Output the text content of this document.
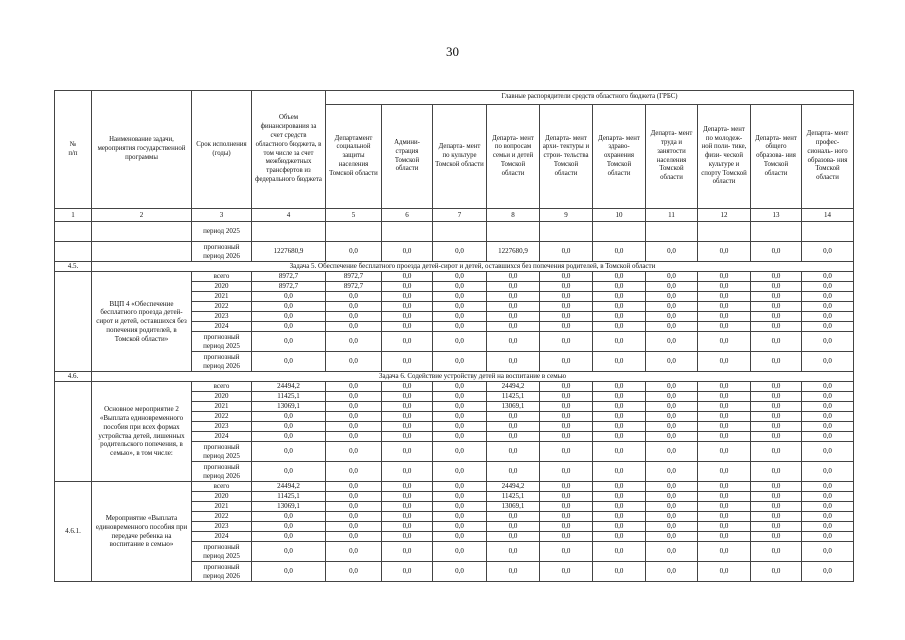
30
№
п/п	Наименование задачи, мероприятия государственной программы	Срок исполнения (годы)	Объем финансирования за счет средств областного бюджета, в том числе за счет межбюджетных трансфертов из федерального бюджета	Главные распорядители средств областного бюджета (ГРБС)									
				Департамент социальной защиты населения Томской области	Админи- страция Томской области	Департа- мент по культуре Томской области	Департа- мент по вопросам семьи и детей Томской области	Департа- мент архи- тектуры и строи- тельства Томской области	Департа- мент здраво- охранения Томской области	Департа- мент труда и занятости населения Томской области	Департа- мент по молодеж- ной поли- тике, физи- ческой культуре и спорту Томской области	Департа- мент общего образова- ния Томской области	Департа- мент профес- сиональ- ного образова- ния Томской области
1	2	3	4	5	6	7	8	9	10	11	12	13	14
		период 2025											
		прогнозный период 2026	1227680,9	0,0	0,0	0,0	1227680,9	0,0	0,0	0,0	0,0	0,0	0,0
4.5.	Задача 5. Обеспечение бесплатного проезда детей-сирот и детей, оставшихся без попечения родителей, в Томской области												
	ВЦП 4 «Обеспечение бесплатного проезда детей-сирот и детей, оставшихся без попечения родителей, в Томской области»	всего	8972,7	8972,7	0,0	0,0	0,0	0,0	0,0	0,0	0,0	0,0	0,0
		2020	8972,7	8972,7	0,0	0,0	0,0	0,0	0,0	0,0	0,0	0,0	0,0
		2021	0,0	0,0	0,0	0,0	0,0	0,0	0,0	0,0	0,0	0,0	0,0
		2022	0,0	0,0	0,0	0,0	0,0	0,0	0,0	0,0	0,0	0,0	0,0
		2023	0,0	0,0	0,0	0,0	0,0	0,0	0,0	0,0	0,0	0,0	0,0
		2024	0,0	0,0	0,0	0,0	0,0	0,0	0,0	0,0	0,0	0,0	0,0
		прогнозный период 2025	0,0	0,0	0,0	0,0	0,0	0,0	0,0	0,0	0,0	0,0	0,0
		прогнозный период 2026	0,0	0,0	0,0	0,0	0,0	0,0	0,0	0,0	0,0	0,0	0,0
4.6.	Задача 6. Содействие устройству детей на воспитание в семью												
	Основное мероприятие 2 «Выплата единовременного пособия при всех формах устройства детей, лишенных родительского попечения, в семью», в том числе:	всего	24494,2	0,0	0,0	0,0	24494,2	0,0	0,0	0,0	0,0	0,0	0,0
		2020	11425,1	0,0	0,0	0,0	11425,1	0,0	0,0	0,0	0,0	0,0	0,0
		2021	13069,1	0,0	0,0	0,0	13069,1	0,0	0,0	0,0	0,0	0,0	0,0
		2022	0,0	0,0	0,0	0,0	0,0	0,0	0,0	0,0	0,0	0,0	0,0
		2023	0,0	0,0	0,0	0,0	0,0	0,0	0,0	0,0	0,0	0,0	0,0
		2024	0,0	0,0	0,0	0,0	0,0	0,0	0,0	0,0	0,0	0,0	0,0
		прогнозный период 2025	0,0	0,0	0,0	0,0	0,0	0,0	0,0	0,0	0,0	0,0	0,0
		прогнозный период 2026	0,0	0,0	0,0	0,0	0,0	0,0	0,0	0,0	0,0	0,0	0,0
4.6.1.	Мероприятие «Выплата единовременного пособия при передаче ребенка на воспитание в семью»	всего	24494,2	0,0	0,0	0,0	24494,2	0,0	0,0	0,0	0,0	0,0	0,0
		2020	11425,1	0,0	0,0	0,0	11425,1	0,0	0,0	0,0	0,0	0,0	0,0
		2021	13069,1	0,0	0,0	0,0	13069,1	0,0	0,0	0,0	0,0	0,0	0,0
		2022	0,0	0,0	0,0	0,0	0,0	0,0	0,0	0,0	0,0	0,0	0,0
		2023	0,0	0,0	0,0	0,0	0,0	0,0	0,0	0,0	0,0	0,0	0,0
		2024	0,0	0,0	0,0	0,0	0,0	0,0	0,0	0,0	0,0	0,0	0,0
		прогнозный период 2025	0,0	0,0	0,0	0,0	0,0	0,0	0,0	0,0	0,0	0,0	0,0
		прогнозный период 2026	0,0	0,0	0,0	0,0	0,0	0,0	0,0	0,0	0,0	0,0	0,0
